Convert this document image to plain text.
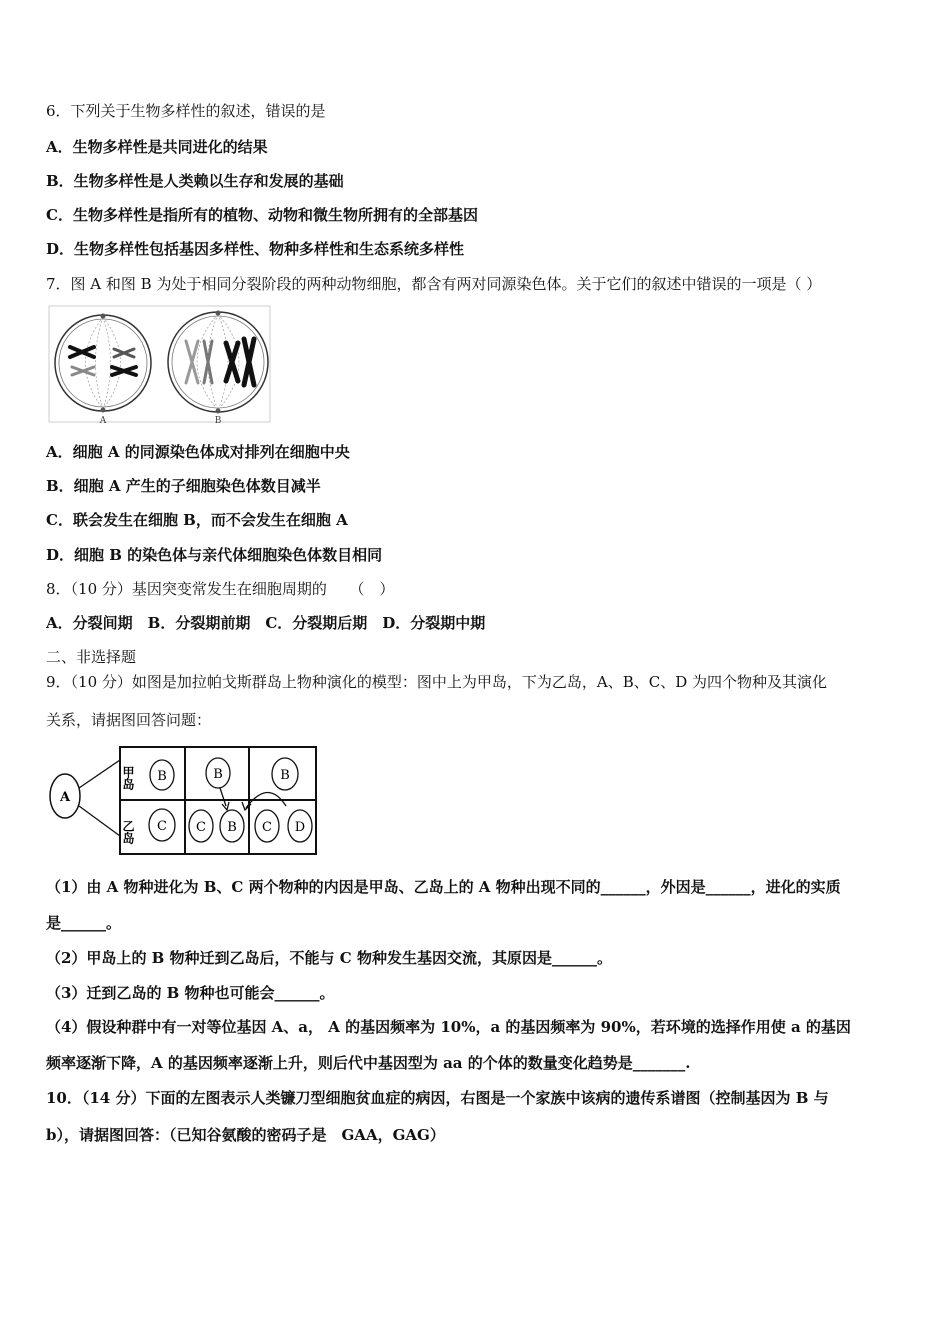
6．下列关于生物多样性的叙述，错误的是
A．生物多样性是共同进化的结果
B．生物多样性是人类赖以生存和发展的基础
C．生物多样性是指所有的植物、动物和微生物所拥有的全部基因
D．生物多样性包括基因多样性、物种多样性和生态系统多样性
7．图 A 和图 B 为处于相同分裂阶段的两种动物细胞，都含有两对同源染色体。关于它们的叙述中错误的一项是（ ）
A	B
A．细胞 A 的同源染色体成对排列在细胞中央
B．细胞 A 产生的子细胞染色体数目减半
C．联会发生在细胞 B，而不会发生在细胞 A
D．细胞 B 的染色体与亲代体细胞染色体数目相同
8．（10 分）基因突变常发生在细胞周期的　　（　）
A．分裂间期　B．分裂期前期　C．分裂期后期　D．分裂期中期
二、非选择题
9．（10 分）如图是加拉帕戈斯群岛上物种演化的模型：图中上为甲岛，下为乙岛，A、B、C、D 为四个物种及其演化
关系，请据图回答问题：
A
甲岛
乙岛
B	B	B
C C B C D
（1）由 A 物种进化为 B、C 两个物种的内因是甲岛、乙岛上的 A 物种出现不同的______，外因是______，进化的实质
是______。
（2）甲岛上的 B 物种迁到乙岛后，不能与 C 物种发生基因交流，其原因是______。
（3）迁到乙岛的 B 物种也可能会______。
（4）假设种群中有一对等位基因 A、a， A 的基因频率为 10%，a 的基因频率为 90%，若环境的选择作用使 a 的基因
频率逐渐下降，A 的基因频率逐渐上升，则后代中基因型为 aa 的个体的数量变化趋势是_______.
10．（14 分）下面的左图表示人类镰刀型细胞贫血症的病因，右图是一个家族中该病的遗传系谱图（控制基因为 B 与
b），请据图回答：（已知谷氨酸的密码子是　GAA，GAG）
